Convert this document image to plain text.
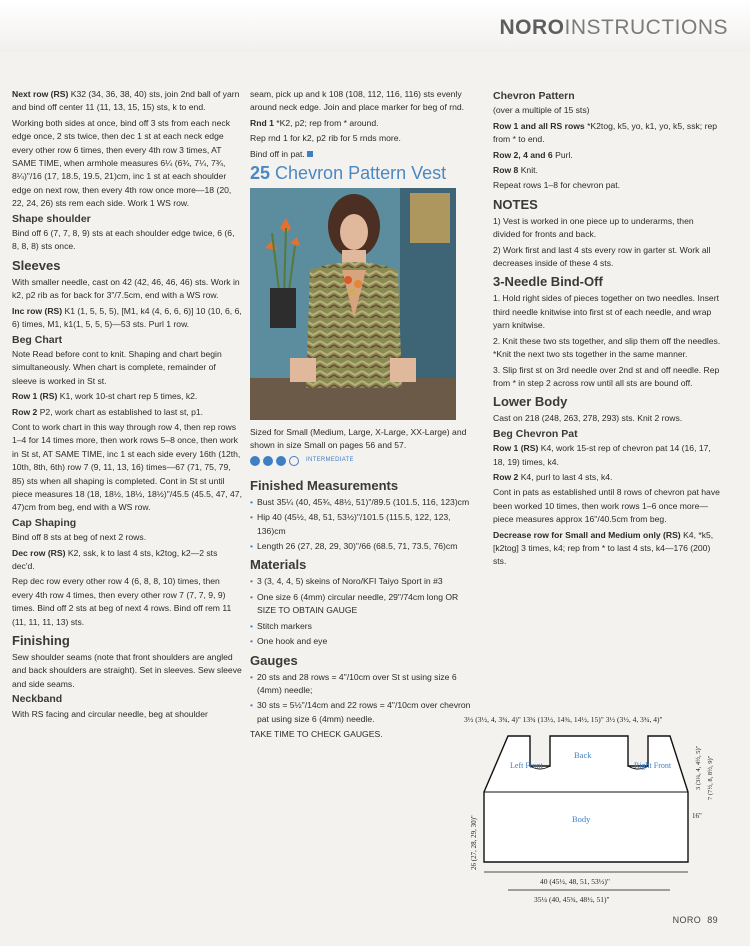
NOROINSTRUCTIONS

Next row (RS) K32 (34, 36, 38, 40) sts, join 2nd ball of yarn and bind off center 11 (11, 13, 15, 15) sts, k to end.

Working both sides at once, bind off 3 sts from each neck edge once, 2 sts twice, then dec 1 st at each neck edge every other row 6 times, then every 4th row 3 times, AT SAME TIME, when armhole measures 6¼ (6¾, 7¼, 7¾, 8¼)"/16 (17, 18.5, 19.5, 21)cm, inc 1 st at each shoulder edge on next row, then every 4th row once more—18 (20, 22, 24, 26) sts rem each side. Work 1 WS row.

Shape shoulder

Bind off 6 (7, 7, 8, 9) sts at each shoulder edge twice, 6 (6, 8, 8, 8) sts once.

Sleeves

With smaller needle, cast on 42 (42, 46, 46, 46) sts. Work in k2, p2 rib as for back for 3"/7.5cm, end with a WS row.

Inc row (RS) K1 (1, 5, 5, 5), [M1, k4 (4, 6, 6, 6)] 10 (10, 6, 6, 6) times, M1, k1(1, 5, 5, 5)—53 sts. Purl 1 row.

Beg Chart

Note Read before cont to knit. Shaping and chart begin simultaneously. When chart is complete, remainder of sleeve is worked in St st.

Row 1 (RS) K1, work 10-st chart rep 5 times, k2.

Row 2 P2, work chart as established to last st, p1.

Cont to work chart in this way through row 4, then rep rows 1–4 for 14 times more, then work rows 5–8 once, then work in St st, AT SAME TIME, inc 1 st each side every 16th (12th, 10th, 8th, 6th) row 7 (9, 11, 13, 16) times—67 (71, 75, 79, 85) sts when all shaping is completed. Cont in St st until piece measures 18 (18, 18½, 18½, 18½)"/45.5 (45.5, 47, 47, 47)cm from beg, end with a WS row.

Cap Shaping

Bind off 8 sts at beg of next 2 rows.

Dec row (RS) K2, ssk, k to last 4 sts, k2tog, k2—2 sts dec'd.

Rep dec row every other row 4 (6, 8, 8, 10) times, then every 4th row 4 times, then every other row 7 (7, 7, 9, 9) times. Bind off 2 sts at beg of next 4 rows. Bind off rem 11 (11, 11, 11, 13) sts.

Finishing

Sew shoulder seams (note that front shoulders are angled and back shoulders are straight). Set in sleeves. Sew sleeve and side seams.

Neckband

With RS facing and circular needle, beg at shoulder

seam, pick up and k 108 (108, 112, 116, 116) sts evenly around neck edge. Join and place marker for beg of rnd.

Rnd 1 *K2, p2; rep from * around.

Rep rnd 1 for k2, p2 rib for 5 rnds more.

Bind off in pat.

25 Chevron Pattern Vest

Sized for Small (Medium, Large, X-Large, XX-Large) and shown in size Small on pages 56 and 57.

INTERMEDIATE
Finished Measurements

• Bust 35¼ (40, 45¾, 48½, 51)"/89.5 (101.5, 116, 123)cm

• Hip 40 (45½, 48, 51, 53½)"/101.5 (115.5, 122, 123, 136)cm

• Length 26 (27, 28, 29, 30)"/66 (68.5, 71, 73.5, 76)cm

Materials

• 3 (3, 4, 4, 5) skeins of Noro/KFI Taiyo Sport in #3

• One size 6 (4mm) circular needle, 29"/74cm long OR SIZE TO OBTAIN GAUGE

• Stitch markers

• One hook and eye

Gauges

• 20 sts and 28 rows = 4"/10cm over St st using size 6 (4mm) needle;

• 30 sts = 5½"/14cm and 22 rows = 4"/10cm over chevron pat using size 6 (4mm) needle.

TAKE TIME TO CHECK GAUGES.

Chevron Pattern

(over a multiple of 15 sts)

Row 1 and all RS rows *K2tog, k5, yo, k1, yo, k5, ssk; rep from * to end.

Row 2, 4 and 6 Purl.

Row 8 Knit.

Repeat rows 1–8 for chevron pat.

NOTES

1) Vest is worked in one piece up to underarms, then divided for fronts and back.

2) Work first and last 4 sts every row in garter st. Work all decreases inside of these 4 sts.

3-Needle Bind-Off

1. Hold right sides of pieces together on two needles. Insert third needle knitwise into first st of each needle, and wrap yarn knitwise.

2. Knit these two sts together, and slip them off the needles. *Knit the next two sts together in the same manner.

3. Slip first st on 3rd needle over 2nd st and off needle. Rep from * in step 2 across row until all sts are bound off.

Lower Body

Cast on 218 (248, 263, 278, 293) sts. Knit 2 rows.

Beg Chevron Pat

Row 1 (RS) K4, work 15-st rep of chevron pat 14 (16, 17, 18, 19) times, k4.

Row 2 K4, purl to last 4 sts, k4.

Cont in pats as established until 8 rows of chevron pat have been worked 10 times, then work rows 1–6 once more—piece measures approx 16"/40.5cm from beg.

Decrease row for Small and Medium only (RS) K4, *k5, [k2tog] 3 times, k4; rep from * to last 4 sts, k4—176 (200) sts.

3½ (3½, 4, 3¾, 4)" 13¾ (13½, 14¾, 14½, 15)" 3½ (3½, 4, 3¾, 4)"
Back
Left Front	Right Front
Body
26 (27, 28, 29, 30)"
3 (3¼, 4, 4½, 5)" 7 (7½, 8, 8½, 9)"
16"
40 (45½, 48, 51, 53½)"
35¼ (40, 45¾, 48½, 51)"
NORO 89
